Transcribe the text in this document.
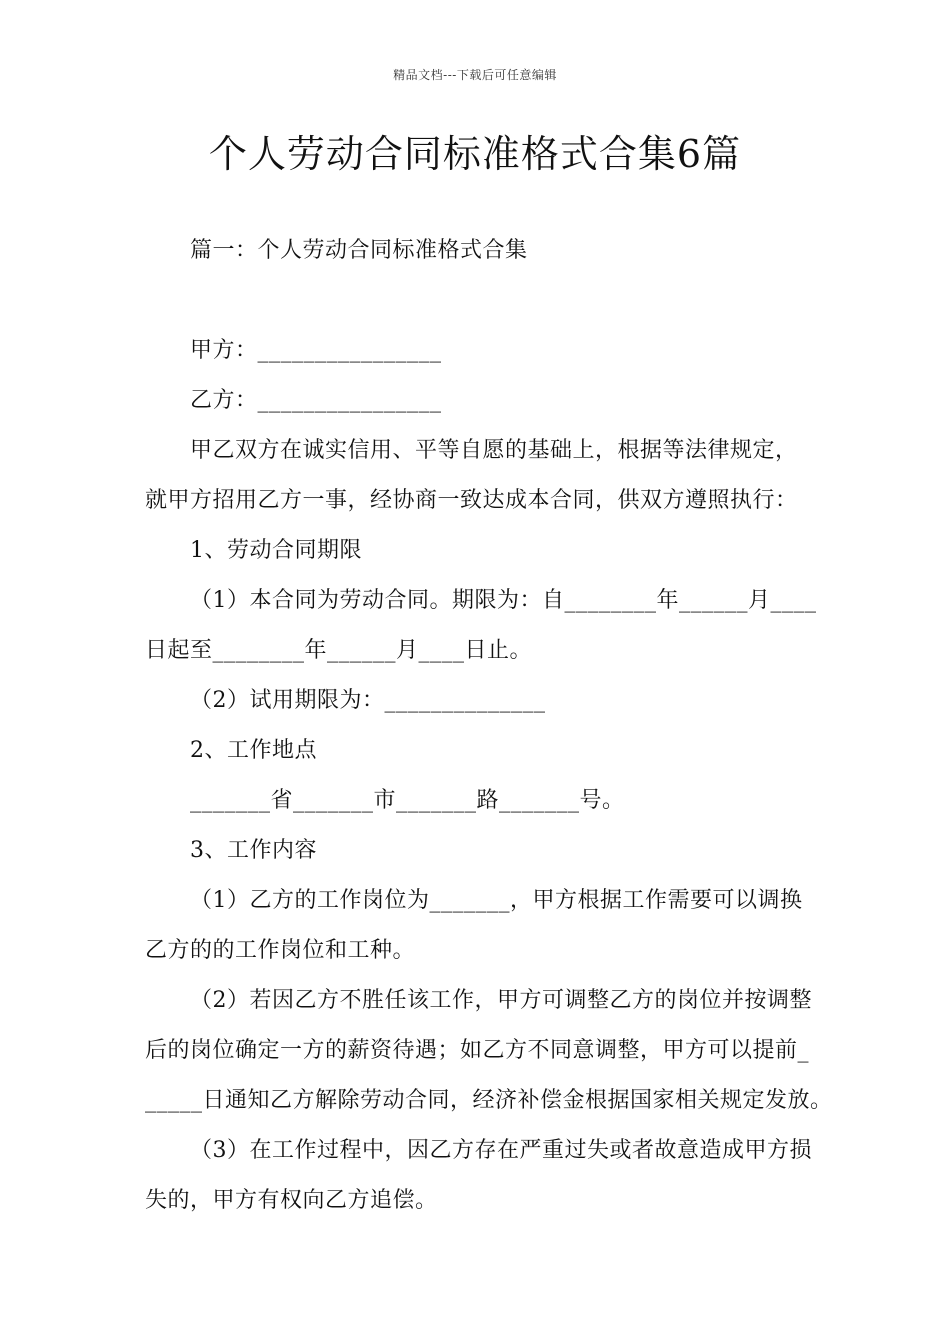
精品文档---下载后可任意编辑
个人劳动合同标准格式合集6篇
篇一：个人劳动合同标准格式合集
甲方：________________
乙方：________________
甲乙双方在诚实信用、平等自愿的基础上，根据等法律规定，
就甲方招用乙方一事，经协商一致达成本合同，供双方遵照执行：
1、劳动合同期限
（1）本合同为劳动合同。期限为：自________年______月____
日起至________年______月____日止。
（2）试用期限为：______________
2、工作地点
_______省_______市_______路_______号。
3、工作内容
（1）乙方的工作岗位为_______，甲方根据工作需要可以调换
乙方的的工作岗位和工种。
（2）若因乙方不胜任该工作，甲方可调整乙方的岗位并按调整
后的岗位确定一方的薪资待遇；如乙方不同意调整，甲方可以提前_
_____日通知乙方解除劳动合同，经济补偿金根据国家相关规定发放。
（3）在工作过程中，因乙方存在严重过失或者故意造成甲方损
失的，甲方有权向乙方追偿。
